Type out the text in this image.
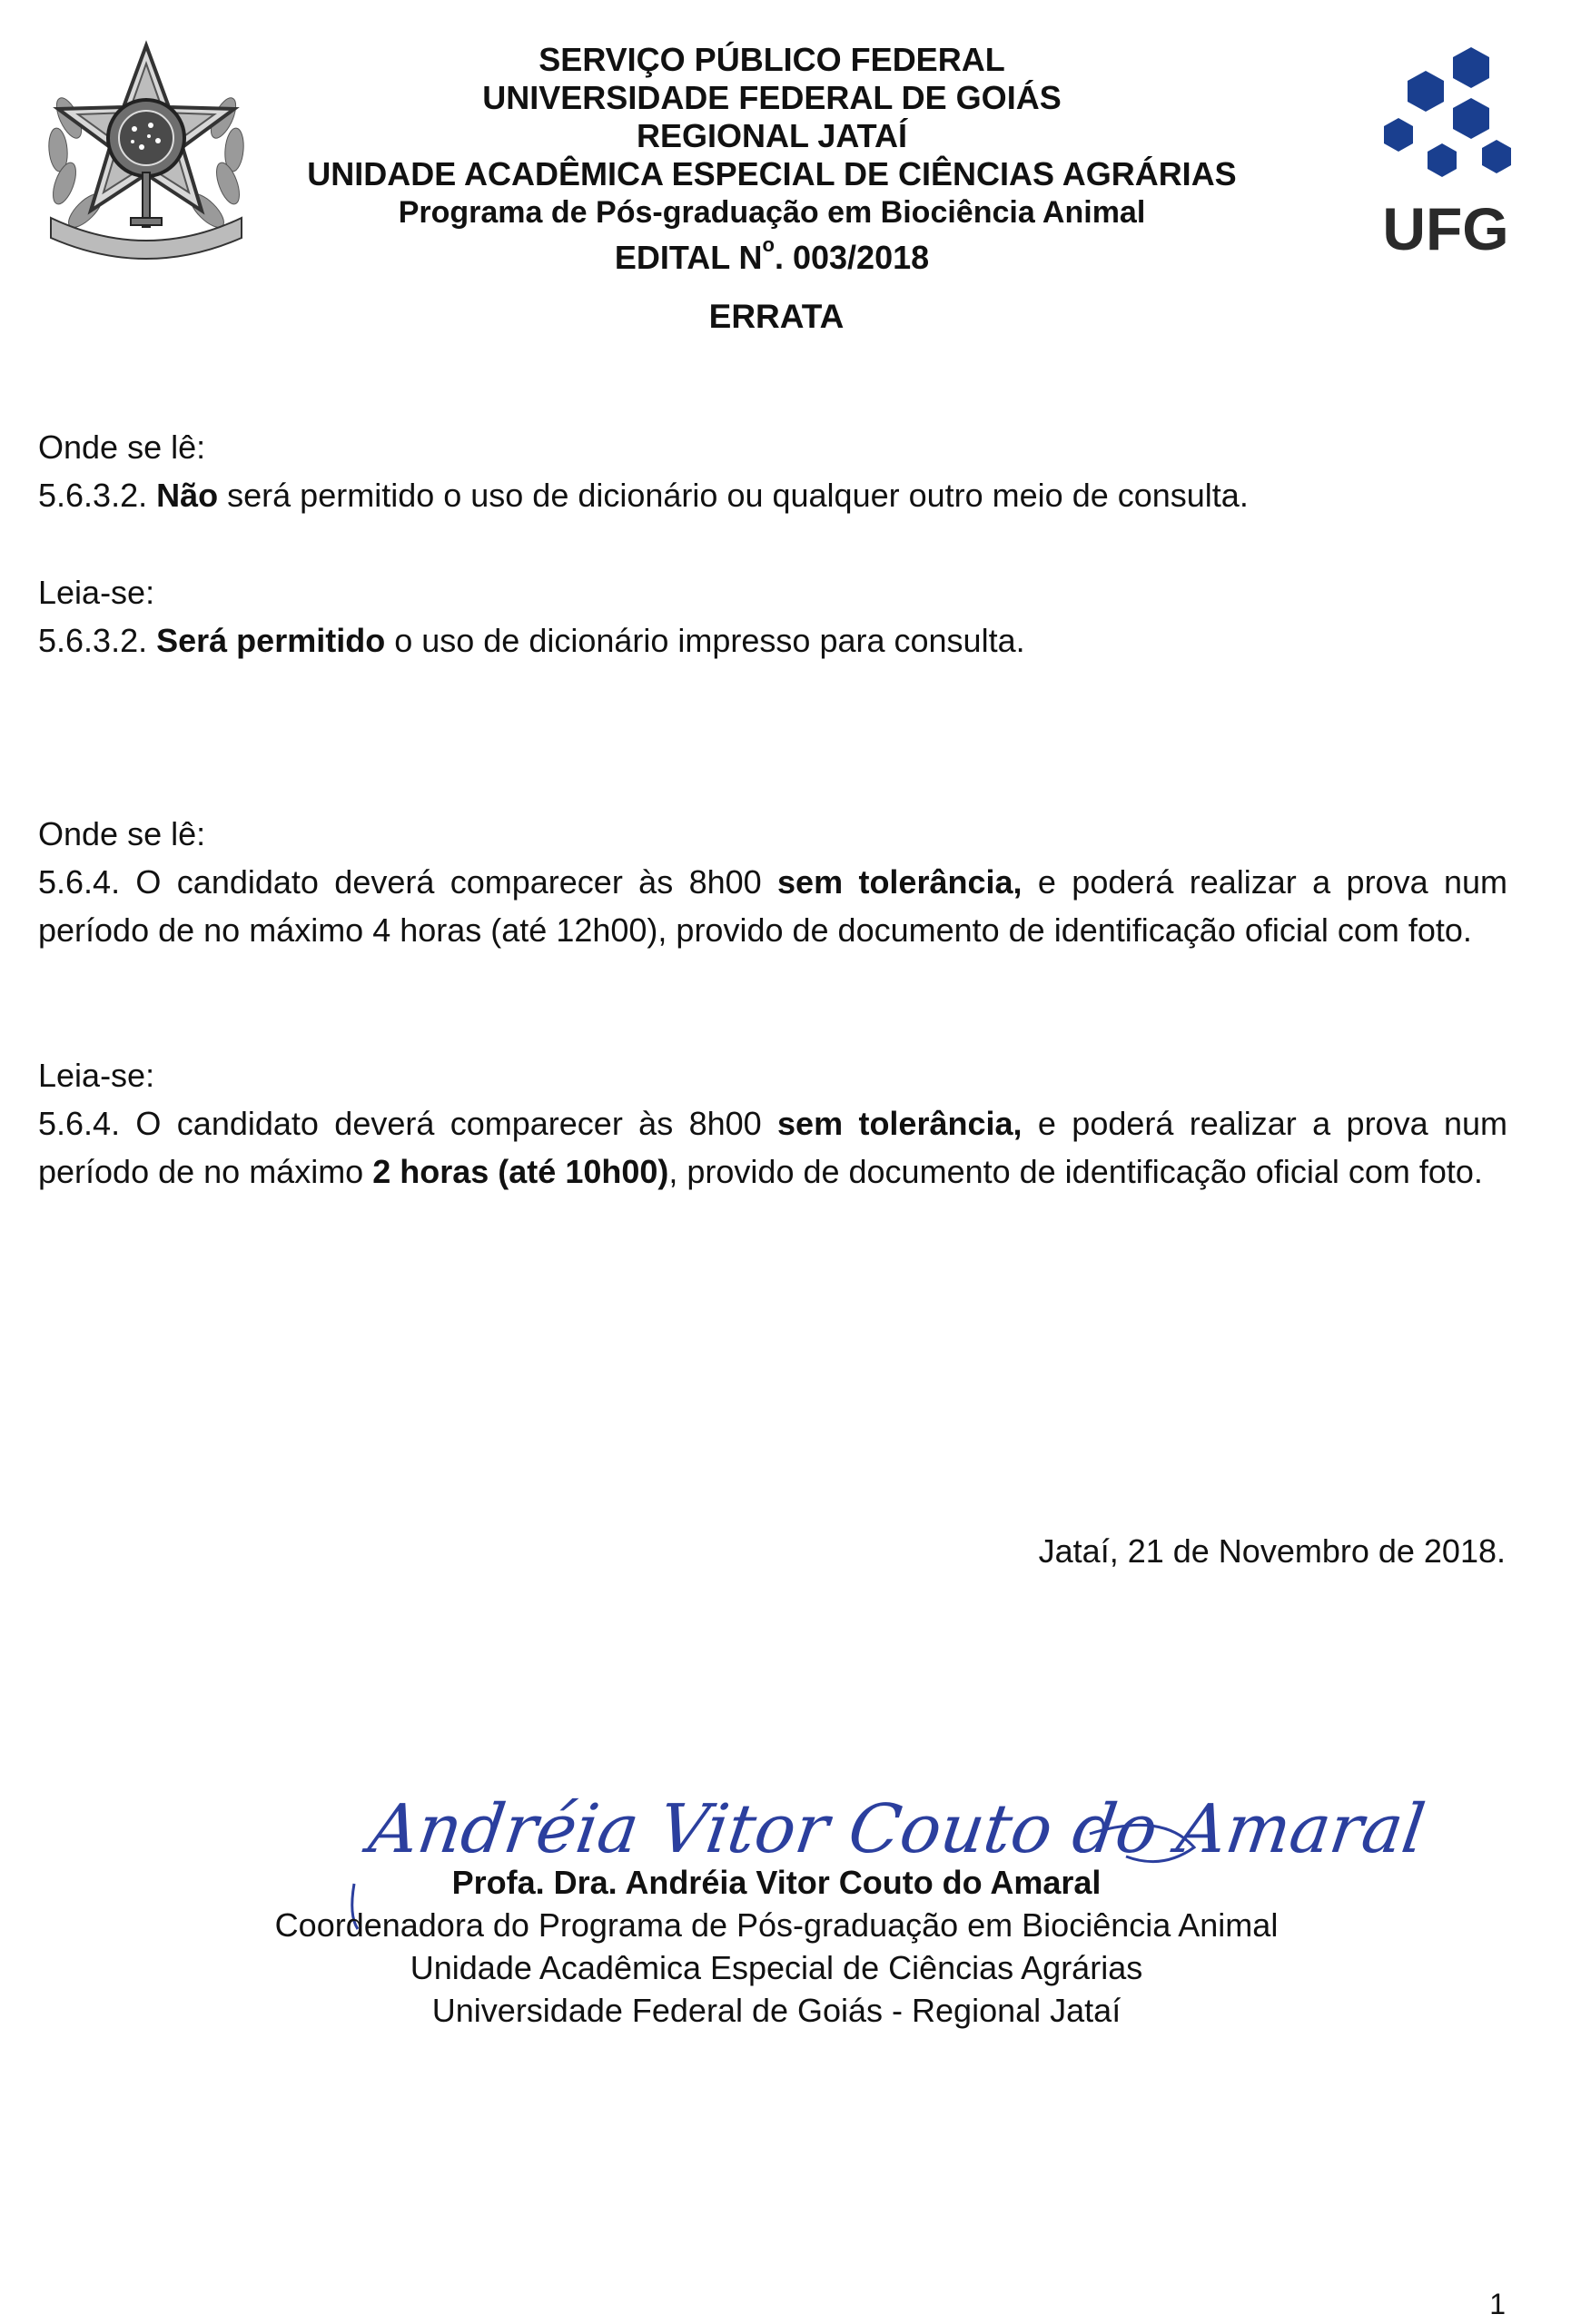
UFG
SERVIÇO PÚBLICO FEDERAL
UNIVERSIDADE FEDERAL DE GOIÁS
REGIONAL JATAÍ
UNIDADE ACADÊMICA ESPECIAL DE CIÊNCIAS AGRÁRIAS
Programa de Pós-graduação em Biociência Animal
EDITAL $N^o$. 003/2018
ERRATA
Onde se lê:
5.6.3.2. Não será permitido o uso de dicionário ou qualquer outro meio de consulta.
Leia-se:
5.6.3.2. Será permitido o uso de dicionário impresso para consulta.
Onde se lê:
5.6.4. O candidato deverá comparecer às 8h00 sem tolerância, e poderá realizar a prova num período de no máximo 4 horas (até 12h00), provido de documento de identificação oficial com foto.
Leia-se:
5.6.4. O candidato deverá comparecer às 8h00 sem tolerância, e poderá realizar a prova num período de no máximo 2 horas (até 10h00), provido de documento de identificação oficial com foto.
Jataí, 21 de Novembro de 2018.
Andréia Vitor Couto do Amaral
Profa. Dra. Andréia Vitor Couto do Amaral
Coordenadora do Programa de Pós-graduação em Biociência Animal
Unidade Acadêmica Especial de Ciências Agrárias
Universidade Federal de Goiás - Regional Jataí
1
